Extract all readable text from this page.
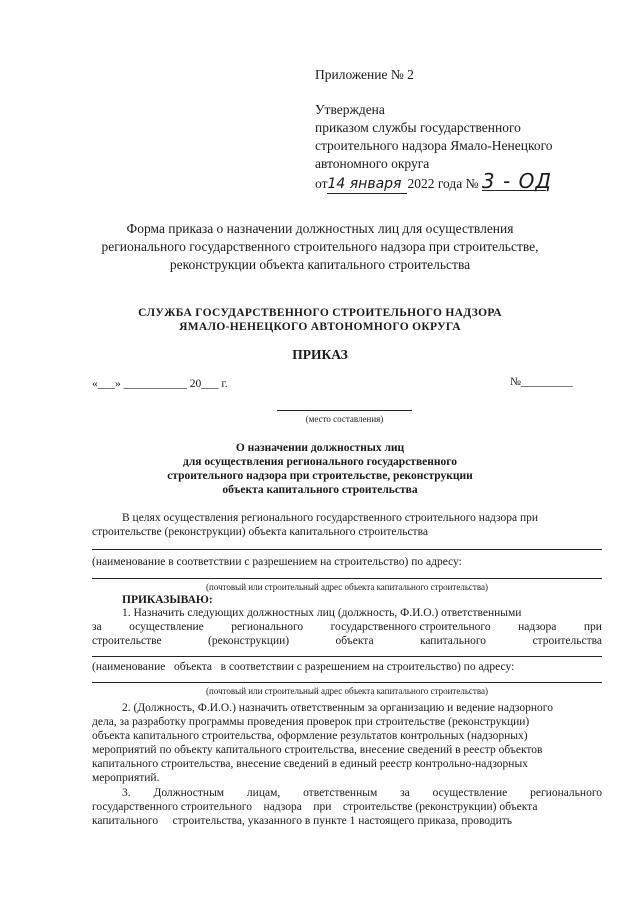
Приложение № 2
Утверждена
приказом службы государственного
строительного надзора Ямало-Ненецкого
автономного округа
от14 января 2022 года № 3 - ОД
Форма приказа о назначении должностных лиц для осуществления
регионального государственного строительного надзора при строительстве,
реконструкции объекта капитального строительства
СЛУЖБА ГОСУДАРСТВЕННОГО СТРОИТЕЛЬНОГО НАДЗОРА
ЯМАЛО-НЕНЕЦКОГО АВТОНОМНОГО ОКРУГА
ПРИКАЗ
«___» ___________ 20___ г.	№_________
(место составления)
О назначении должностных лиц
для осуществления регионального государственного
строительного надзора при строительстве, реконструкции
объекта капитального строительства
В целях осуществления регионального государственного строительного надзора при
строительстве (реконструкции) объекта капитального строительства
(наименование в соответствии с разрешением на строительство) по адресу:
(почтовый или строительный адрес объекта капитального строительства)
ПРИКАЗЫВАЮ:
1. Назначить следующих должностных лиц (должность, Ф.И.О.) ответственными
за осуществление регионального государственного строительного надзора при
строительстве	(реконструкции)	объекта	капитального	строительства
(наименование   объекта   в соответствии с разрешением на строительство) по адресу:
(почтовый или строительный адрес объекта капитального строительства)
2. (Должность, Ф.И.О.) назначить ответственным за организацию и ведение надзорного
дела, за разработку программы проведения проверок при строительстве (реконструкции)
объекта капитального строительства, оформление результатов контрольных (надзорных)
мероприятий по объекту капитального строительства, внесение сведений в реестр объектов
капитального строительства, внесение сведений в единый реестр контрольно-надзорных
мероприятий.
3. Должностным лицам, ответственным за осуществление регионального
государственного строительного    надзора    при    строительстве (реконструкции) объекта
капитального     строительства, указанного в пункте 1 настоящего приказа, проводить
